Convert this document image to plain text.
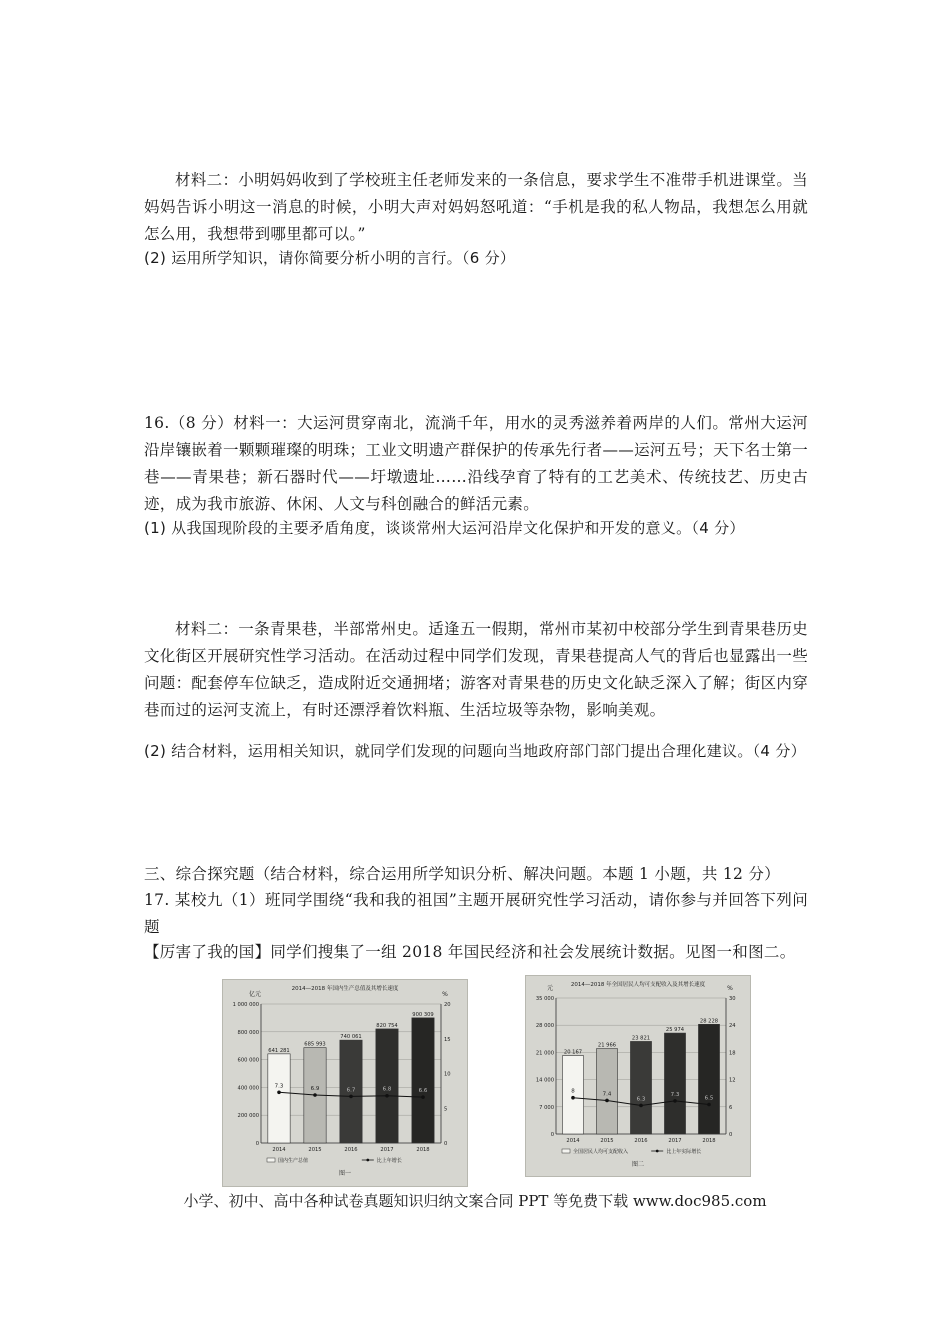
材料二：小明妈妈收到了学校班主任老师发来的一条信息，要求学生不准带手机进课堂。当妈妈告诉小明这一消息的时候，小明大声对妈妈怒吼道：“手机是我的私人物品，我想怎么用就怎么用，我想带到哪里都可以。”

(2) 运用所学知识，请你简要分析小明的言行。（6 分）

16.（8 分）材料一：大运河贯穿南北，流淌千年，用水的灵秀滋养着两岸的人们。常州大运河沿岸镶嵌着一颗颗璀璨的明珠；工业文明遗产群保护的传承先行者——运河五号；天下名士第一巷——青果巷；新石器时代——圩墩遗址……沿线孕育了特有的工艺美术、传统技艺、历史古迹，成为我市旅游、休闲、人文与科创融合的鲜活元素。

(1) 从我国现阶段的主要矛盾角度，谈谈常州大运河沿岸文化保护和开发的意义。（4 分）

材料二：一条青果巷，半部常州史。适逢五一假期，常州市某初中校部分学生到青果巷历史文化街区开展研究性学习活动。在活动过程中同学们发现，青果巷提高人气的背后也显露出一些问题：配套停车位缺乏，造成附近交通拥堵；游客对青果巷的历史文化缺乏深入了解；街区内穿巷而过的运河支流上，有时还漂浮着饮料瓶、生活垃圾等杂物，影响美观。

(2) 结合材料，运用相关知识，就同学们发现的问题向当地政府部门部门提出合理化建议。（4 分）

三、综合探究题（结合材料，综合运用所学知识分析、解决问题。本题 1 小题，共 12 分）

17. 某校九（1）班同学围绕“我和我的祖国”主题开展研究性学习活动，请你参与并回答下列问题

【厉害了我的国】同学们搜集了一组 2018 年国民经济和社会发展统计数据。见图一和图二。

2014—2018 年国内生产总值及其增长速度
亿元	%
1 000 000
800 000
600 000
400 000
200 000
0
20
15
10
5
0
641 281
2014
685 993
2015
740 061
2016
820 754
2017
900 309
2018
7.3	6.9	6.7	6.8	6.6
国内生产总值	比上年增长
图一
2014—2018 年全国居民人均可支配收入及其增长速度
元	%
35 000
28 000
21 000
14 000
7 000
0
30
24
18
12
6
0
20 167
2014
21 966
2015
23 821
2016
25 974
2017
28 228
2018
8	7.4
6.3
7.3
6.5
全国居民人均可支配收入	比上年实际增长
图二
小学、初中、高中各种试卷真题知识归纳文案合同 PPT 等免费下载 www.doc985.com
